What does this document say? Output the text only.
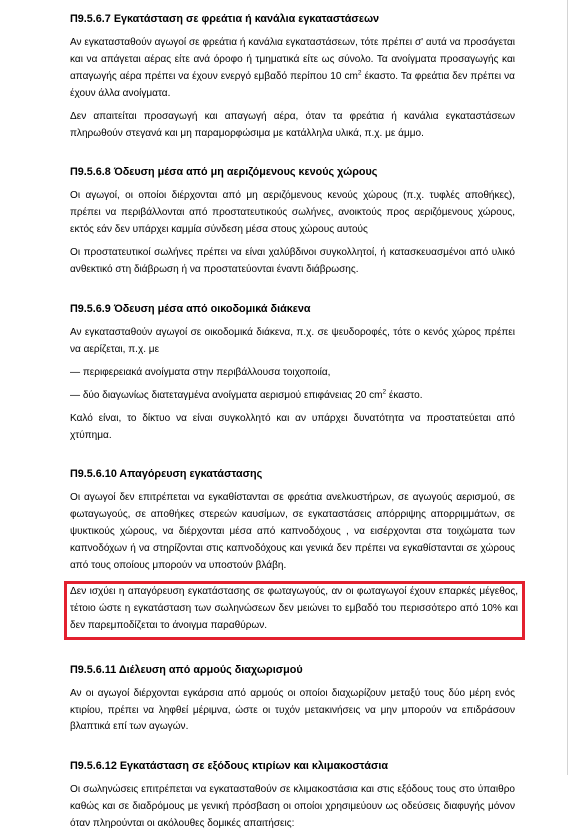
Π9.5.6.7 Εγκατάσταση σε φρεάτια ή κανάλια εγκαταστάσεων

Αν εγκατασταθούν αγωγοί σε φρεάτια ή κανάλια εγκαταστάσεων, τότε πρέπει σ' αυτά να προσάγεται και να απάγεται αέρας είτε ανά όροφο ή τμηματικά είτε ως σύνολο. Τα ανοίγματα προσαγωγής και απαγωγής αέρα πρέπει να έχουν ενεργό εμβαδό περίπου 10 $cm^2$ έκαστο. Τα φρεάτια δεν πρέπει να έχουν άλλα ανοίγματα.

Δεν απαιτείται προσαγωγή και απαγωγή αέρα, όταν τα φρεάτια ή κανάλια εγκαταστάσεων πληρωθούν στεγανά και μη παραμορφώσιμα με κατάλληλα υλικά, π.χ. με άμμο.

Π9.5.6.8 Όδευση μέσα από μη αεριζόμενους κενούς χώρους

Οι αγωγοί, οι οποίοι διέρχονται από μη αεριζόμενους κενούς χώρους (π.χ. τυφλές αποθήκες), πρέπει να περιβάλλονται από προστατευτικούς σωλήνες, ανοικτούς προς αεριζόμενους χώρους, εκτός εάν δεν υπάρχει καμμία σύνδεση μέσα στους χώρους αυτούς

Οι προστατευτικοί σωλήνες πρέπει να είναι χαλύβδινοι συγκολλητοί, ή κατασκευασμένοι από υλικό ανθεκτικό στη διάβρωση ή να προστατεύονται έναντι διάβρωσης.

Π9.5.6.9 Όδευση μέσα από οικοδομικά διάκενα

Αν εγκατασταθούν αγωγοί σε οικοδομικά διάκενα, π.χ. σε ψευδοροφές, τότε ο κενός χώρος πρέπει να αερίζεται, π.χ. με

— περιφερειακά ανοίγματα στην περιβάλλουσα τοιχοποιία,

— δύο διαγωνίως διατεταγμένα ανοίγματα αερισμού επιφάνειας 20 $cm^2$ έκαστο.

Καλό είναι, το δίκτυο να είναι συγκολλητό και αν υπάρχει δυνατότητα να προστατεύεται από χτύπημα.

Π9.5.6.10 Απαγόρευση εγκατάστασης

Οι αγωγοί δεν επιτρέπεται να εγκαθίστανται σε φρεάτια ανελκυστήρων, σε αγωγούς αερισμού, σε φωταγωγούς, σε αποθήκες στερεών καυσίμων, σε εγκαταστάσεις απόρριψης απορριμμάτων, σε ψυκτικούς χώρους, να διέρχονται μέσα από καπνοδόχους , να εισέρχονται στα τοιχώματα των καπνοδόχων ή να στηρίζονται στις καπνοδόχους και γενικά δεν πρέπει να εγκαθίστανται σε χώρους από τους οποίους μπορούν να υποστούν βλάβη.

Δεν ισχύει η απαγόρευση εγκατάστασης σε φωταγωγούς, αν οι φωταγωγοί έχουν επαρκές μέγεθος, τέτοιο ώστε η εγκατάσταση των σωληνώσεων δεν μειώνει το εμβαδό του περισσότερο από 10% και δεν παρεμποδίζεται το άνοιγμα παραθύρων.

Π9.5.6.11 Διέλευση από αρμούς διαχωρισμού

Αν οι αγωγοί διέρχονται εγκάρσια από αρμούς οι οποίοι διαχωρίζουν μεταξύ τους δύο μέρη ενός κτιρίου, πρέπει να ληφθεί μέριμνα, ώστε οι τυχόν μετακινήσεις να μην μπορούν να επιδράσουν βλαπτικά επί των αγωγών.

Π9.5.6.12 Εγκατάσταση σε εξόδους κτιρίων και κλιμακοστάσια

Οι σωληνώσεις επιτρέπεται να εγκατασταθούν σε κλιμακοστάσια και στις εξόδους τους στο ύπαιθρο καθώς και σε διαδρόμους με γενική πρόσβαση οι οποίοι χρησιμεύουν ως οδεύσεις διαφυγής μόνον όταν πληρούνται οι ακόλουθες δομικές απαιτήσεις:
